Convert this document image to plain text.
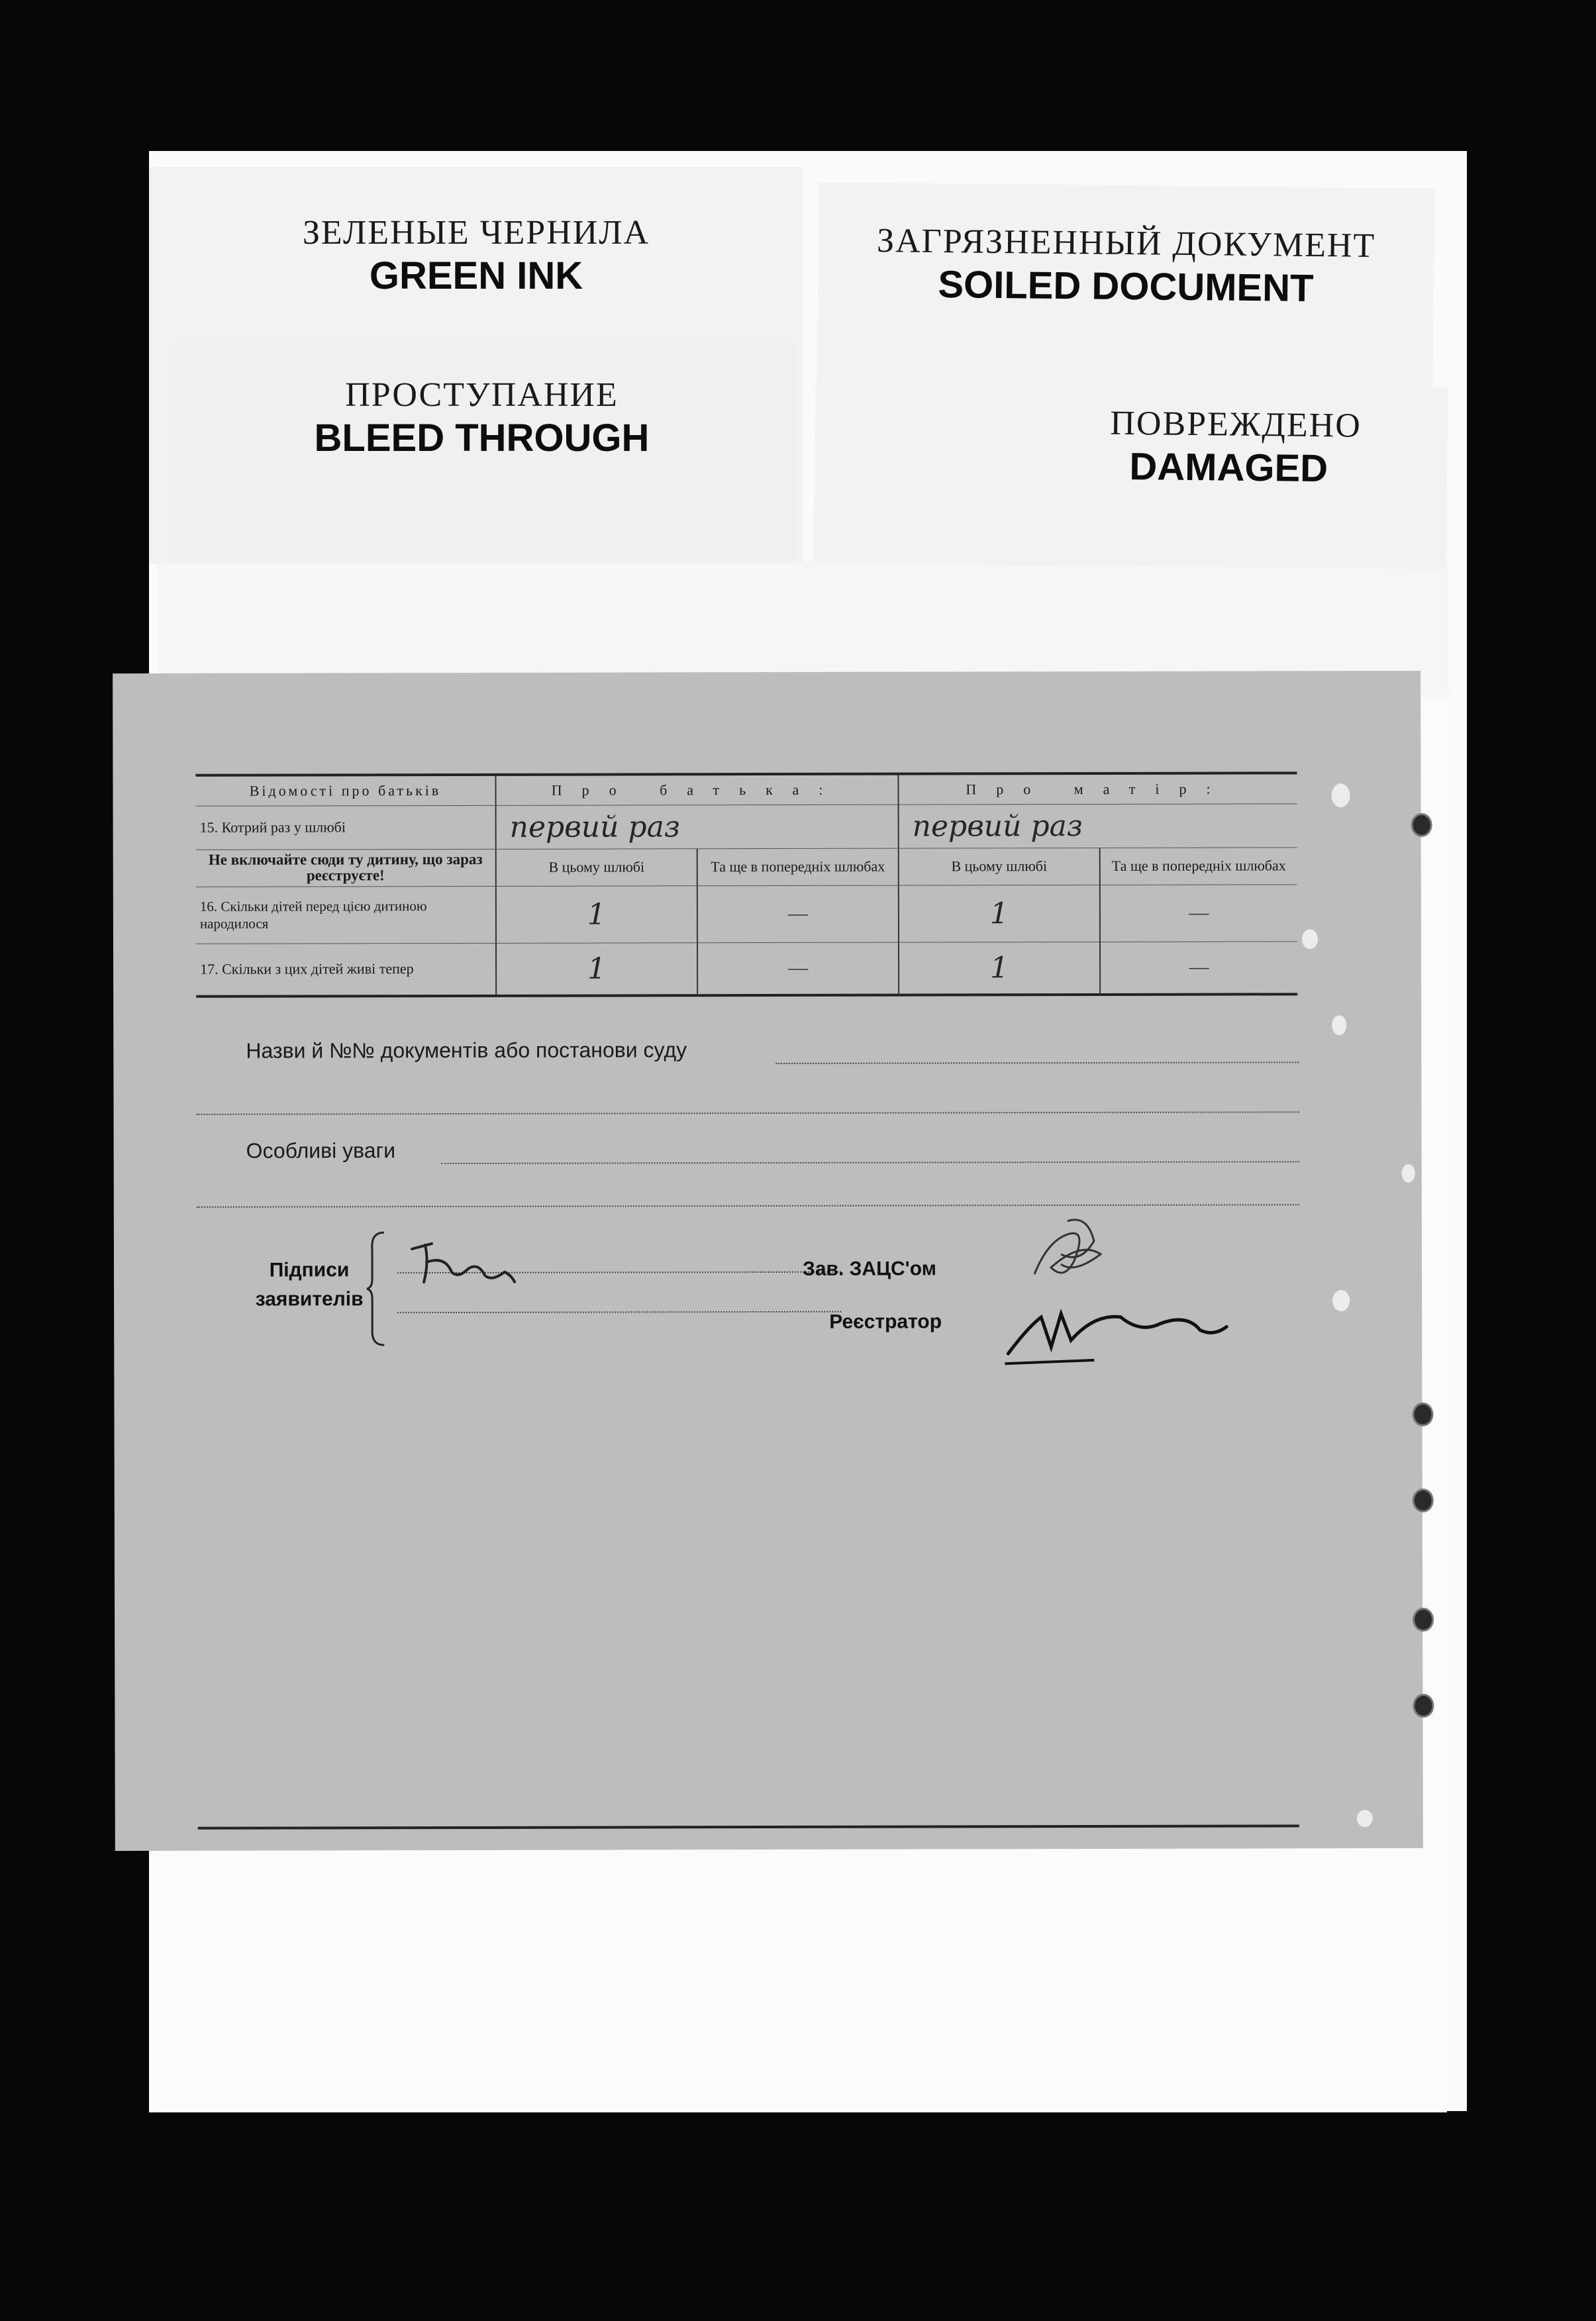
ЗЕЛЕНЫЕ ЧЕРНИЛА
GREEN INK
ПРОСТУПАНИЕ
BLEED THROUGH
ЗАГРЯЗНЕННЫЙ ДОКУМЕНТ
SOILED DOCUMENT
ПОВРЕЖДЕНО
DAMAGED
Відомості про батьків	Про батька:		Про матір:	
15. Котрий раз у шлюбі	первий раз		первий раз	
Не включайте сюди ту дитину, що зараз реєструєте!	В цьому шлюбі	Та ще в попередніх шлюбах	В цьому шлюбі	Та ще в попередніх шлюбах
16. Скільки дітей перед цією дитиною народилося	1	—	1	—
17. Скільки з цих дітей живі тепер	1	—	1	—
Назви й №№ документів або постанови суду
Особливі уваги
Підписи
заявителів
Зав. ЗАЦС'ом
Реєстратор
